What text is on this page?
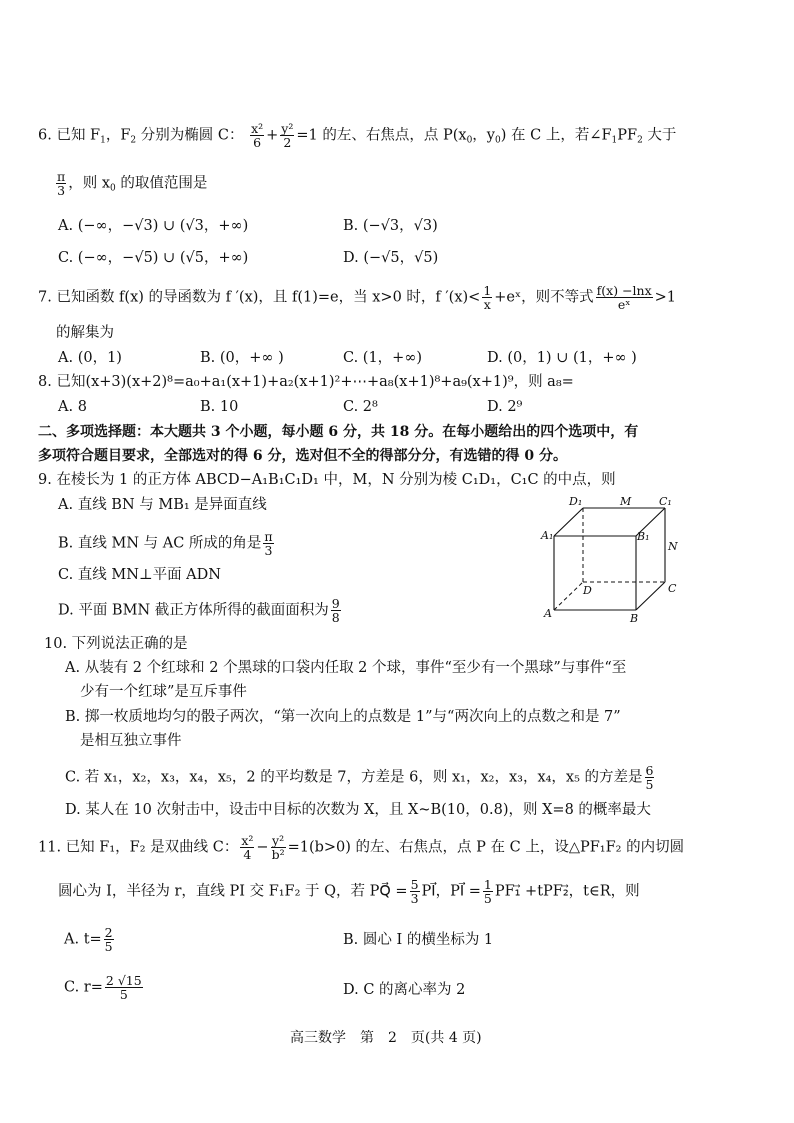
6. 已知 $F_1$，$F_2$ 分别为椭圆 C： $\frac{\text{x²}}{6} + \frac{\text{y²}}{2} =1$ 的左、右焦点，点 $P(x_0$，$y_0$) 在 C 上，若$\angle F_1PF_2$ 大于
$\frac{\pi}{3}$ ，则 $x_0$ 的取值范围是
A. (−∞，−√3) ∪ (√3，+∞)	B. (−√3，√3)
C. (−∞，−√5) ∪ (√5，+∞)	D. (−√5，√5)
7. 已知函数 f(x) 的导函数为 f ′(x)，且 f(1)=e，当 x>0 时，f $'(x)< \frac{1}{x}$ +eˣ，则不等式 $\frac{f(x) -\ln x}{\text{eˣ}} >1$
的解集为
A. (0，1)	B. (0，+∞ )	C. (1，+∞)	D. (0，1) ∪ (1，+∞ )
8. 已知(x+3)(x+2)⁸=a₀+a₁(x+1)+a₂(x+1)²+⋯+a₈(x+1)⁸+a₉(x+1)⁹，则 a₈=
A. 8	B. 10	C. 2⁸	D. 2⁹
二、多项选择题：本大题共 3 个小题，每小题 6 分，共 18 分。在每小题给出的四个选项中，有
多项符合题目要求，全部选对的得 6 分，选对但不全的得部分分，有选错的得 0 分。
9. 在棱长为 1 的正方体 ABCD−A₁B₁C₁D₁ 中，M，N 分别为棱 C₁D₁，C₁C 的中点，则
A. 直线 BN 与 MB₁ 是异面直线
B. 直线 MN 与 AC 所成的角是 $\frac{\pi}{3}$
C. 直线 MN⊥平面 ADN
D. 平面 BMN 截正方体所得的截面面积为 $\frac{9}{8}$
D₁	M	C₁
A₁	B₁
N
D	C
A	B
10. 下列说法正确的是
A. 从装有 2 个红球和 2 个黑球的口袋内任取 2 个球，事件“至少有一个黑球”与事件“至
少有一个红球”是互斥事件
B. 掷一枚质地均匀的骰子两次，“第一次向上的点数是 1”与“两次向上的点数之和是 7”
是相互独立事件
C. 若 x₁，x₂，x₃，x₄，x₅，2 的平均数是 7，方差是 6，则 x₁，x₂，x₃，x₄，x₅ 的方差是 $\frac{6}{5}$
D. 某人在 10 次射击中，设击中目标的次数为 X，且 X~B(10，0.8)，则 X=8 的概率最大
11. 已知 F₁，F₂ 是双曲线 C： $\frac{\text{x²}}{4} - \frac{\text{y²}}{\text{b²}} =1(b>0)$ 的左、右焦点，点 P 在 C 上，设△PF₁F₂ 的内切圆
圆心为 I，半径为 r，直线 PI 交 F₁F₂ 于 Q，若 PQ⃗ = $\frac{5}{3}$ PI⃗，PI⃗ = $\frac{1}{5}$ PF₁⃗ +tPF₂⃗，t∈R，则
A. $t= \frac{2}{5}$	B. 圆心 I 的横坐标为 1
C. $r= \frac{2 √15}{5}$	D. C 的离心率为 2
高三数学　第　2　页(共 4 页)
